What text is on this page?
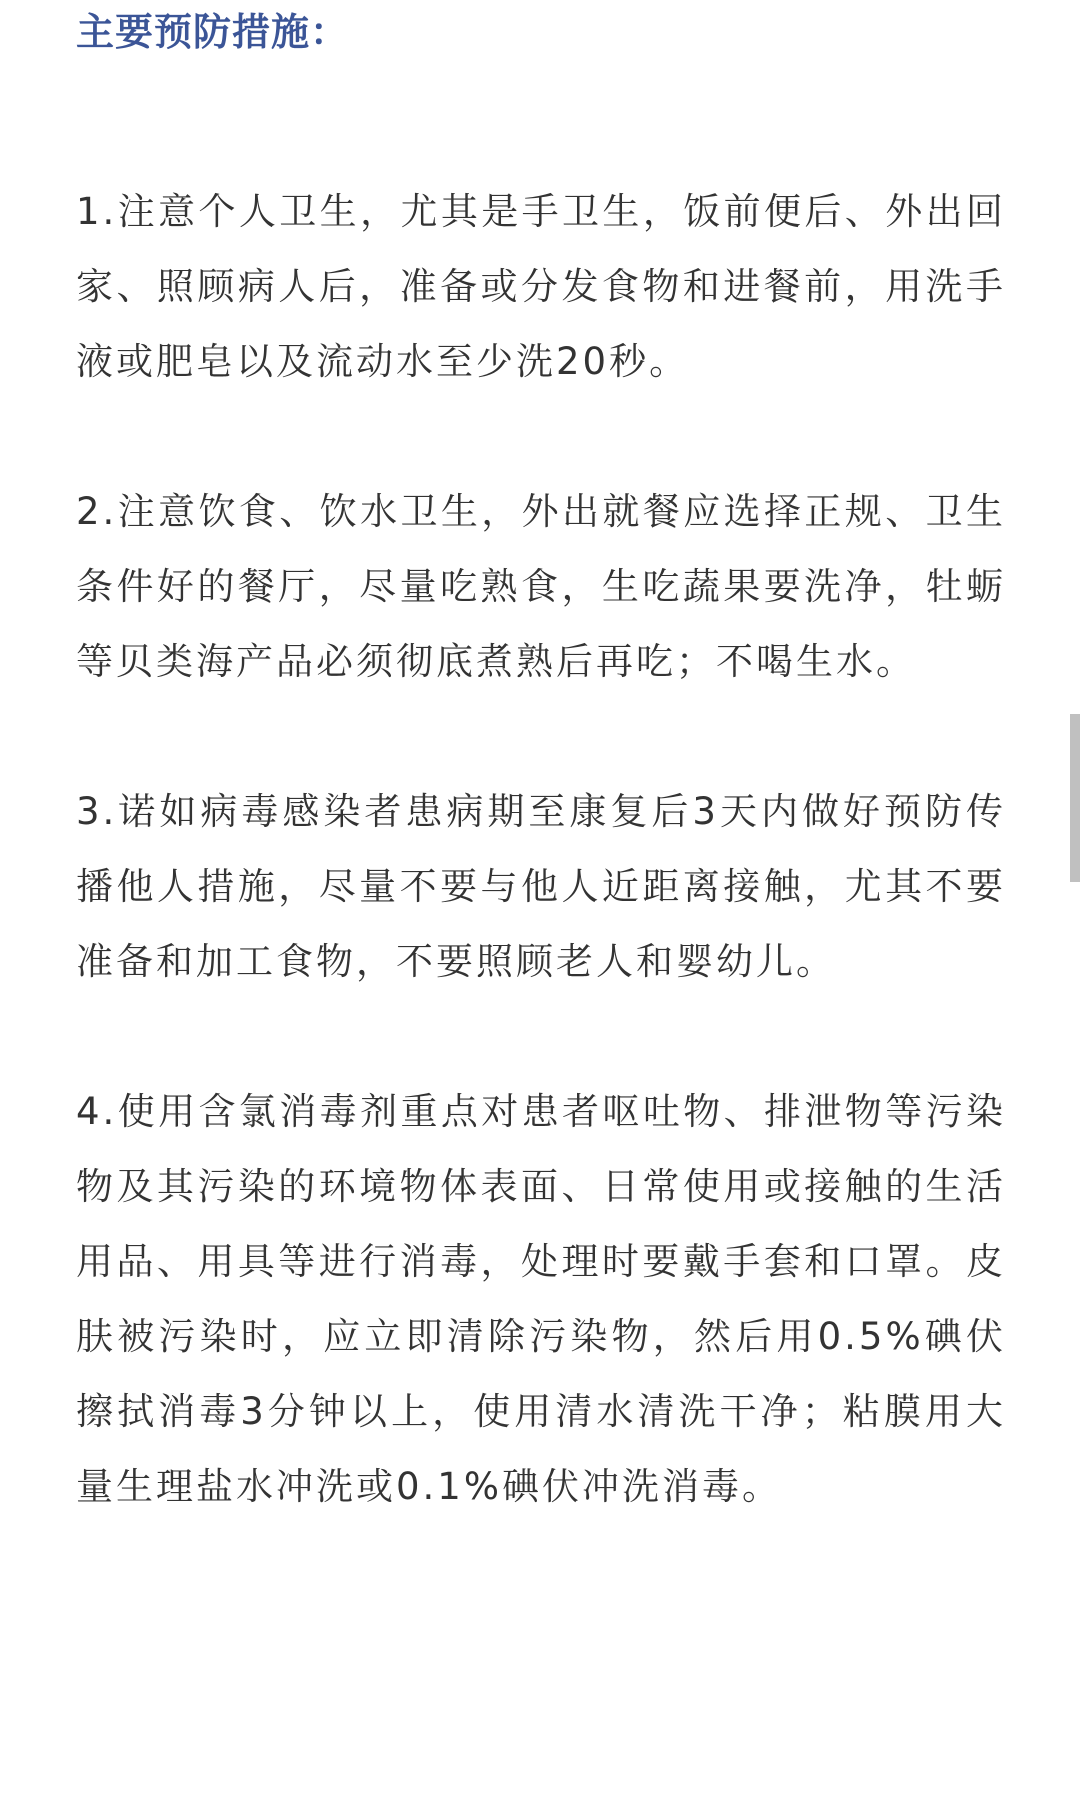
主要预防措施：

1.注意个人卫生，尤其是手卫生，饭前便后、外出回家、照顾病人后，准备或分发食物和进餐前，用洗手液或肥皂以及流动水至少洗20秒。

2.注意饮食、饮水卫生，外出就餐应选择正规、卫生条件好的餐厅，尽量吃熟食，生吃蔬果要洗净，牡蛎等贝类海产品必须彻底煮熟后再吃；不喝生水。

3.诺如病毒感染者患病期至康复后3天内做好预防传播他人措施，尽量不要与他人近距离接触，尤其不要准备和加工食物，不要照顾老人和婴幼儿。

4.使用含氯消毒剂重点对患者呕吐物、排泄物等污染物及其污染的环境物体表面、日常使用或接触的生活用品、用具等进行消毒，处理时要戴手套和口罩。皮肤被污染时，应立即清除污染物，然后用0.5%碘伏擦拭消毒3分钟以上，使用清水清洗干净；粘膜用大量生理盐水冲洗或0.1%碘伏冲洗消毒。
